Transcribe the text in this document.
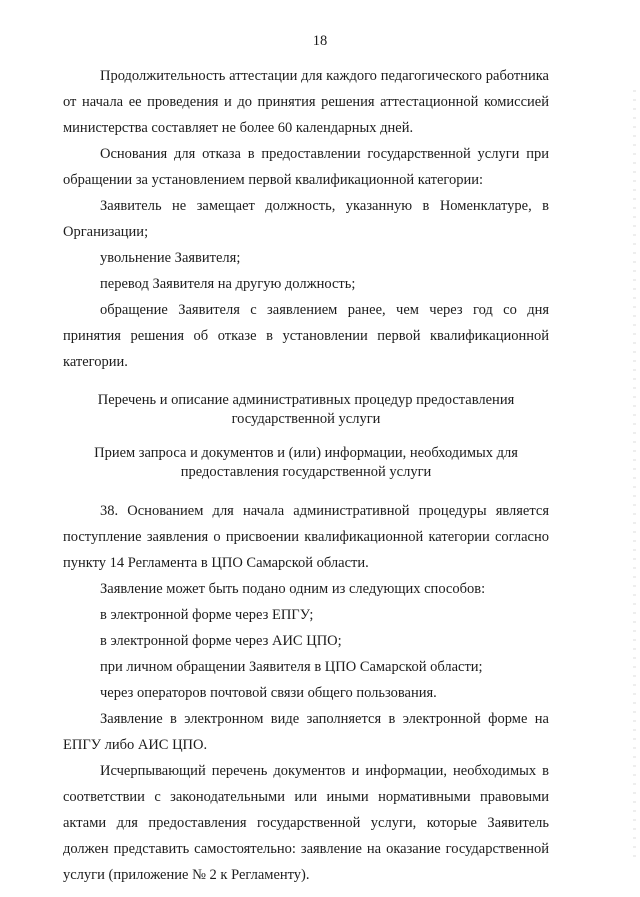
18

Продолжительность аттестации для каждого педагогического работника от начала ее проведения и до принятия решения аттестационной комиссией министерства составляет не более 60 календарных дней.

Основания для отказа в предоставлении государственной услуги при обращении за установлением первой квалификационной категории:

Заявитель не замещает должность, указанную в Номенклатуре, в Организации;

увольнение Заявителя;

перевод Заявителя на другую должность;

обращение Заявителя с заявлением ранее, чем через год со дня принятия решения об отказе в установлении первой квалификационной категории.

Перечень и описание административных процедур предоставления государственной услуги

Прием запроса и документов и (или) информации, необходимых для предоставления государственной услуги

38. Основанием для начала административной процедуры является поступление заявления о присвоении квалификационной категории согласно пункту 14 Регламента в ЦПО Самарской области.

Заявление может быть подано одним из следующих способов:

в электронной форме через ЕПГУ;

в электронной форме через АИС ЦПО;

при личном обращении Заявителя в ЦПО Самарской области;

через операторов почтовой связи общего пользования.

Заявление в электронном виде заполняется в электронной форме на ЕПГУ либо АИС ЦПО.

Исчерпывающий перечень документов и информации, необходимых в соответствии с законодательными или иными нормативными правовыми актами для предоставления государственной услуги, которые Заявитель должен представить самостоятельно: заявление на оказание государственной услуги (приложение № 2 к Регламенту).
